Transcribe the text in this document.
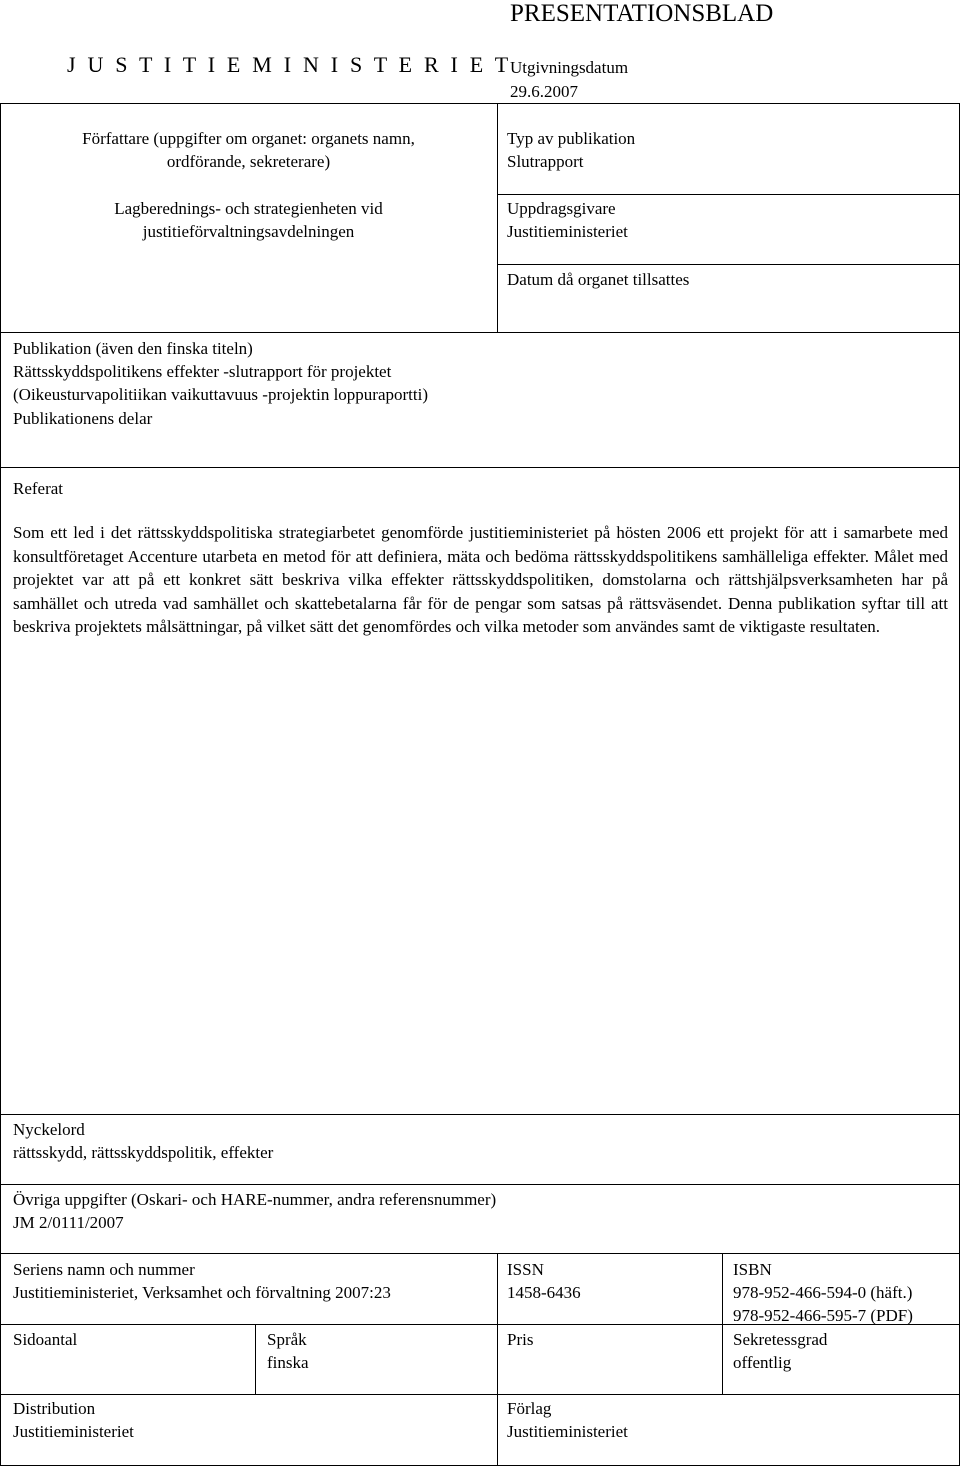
PRESENTATIONSBLAD
J U S T I T I E M I N I S T E R I E T
Utgivningsdatum
29.6.2007
Författare (uppgifter om organet: organets namn,
ordförande, sekreterare)
Lagberednings- och strategienheten vid
justitieförvaltningsavdelningen
Typ av publikation
Slutrapport
Uppdragsgivare
Justitieministeriet
Datum då organet tillsattes
Publikation (även den finska titeln)
Rättsskyddspolitikens effekter -slutrapport för projektet
(Oikeusturvapolitiikan vaikuttavuus -projektin loppuraportti)
Publikationens delar
Referat
Som ett led i det rättsskyddspolitiska strategiarbetet genomförde justitieministeriet på hösten 2006 ett projekt för att i samarbete med konsultföretaget Accenture utarbeta en metod för att definiera, mäta och bedöma rättsskyddspolitikens samhälleliga effekter. Målet med projektet var att på ett konkret sätt beskriva vilka effekter rättsskyddspolitiken, domstolarna och rättshjälpsverksamheten har på samhället och utreda vad samhället och skattebetalarna får för de pengar som satsas på rättsväsendet. Denna publikation syftar till att beskriva projektets målsättningar, på vilket sätt det genomfördes och vilka metoder som användes samt de viktigaste resultaten.
Nyckelord
rättsskydd, rättsskyddspolitik, effekter
Övriga uppgifter (Oskari- och HARE-nummer, andra referensnummer)
JM 2/0111/2007
Seriens namn och nummer
Justitieministeriet, Verksamhet och förvaltning 2007:23
ISSN
1458-6436
ISBN
978-952-466-594-0 (häft.)
978-952-466-595-7 (PDF)
Sidoantal	Språk
finska
Pris	Sekretessgrad
offentlig
Distribution
Justitieministeriet
Förlag
Justitieministeriet
